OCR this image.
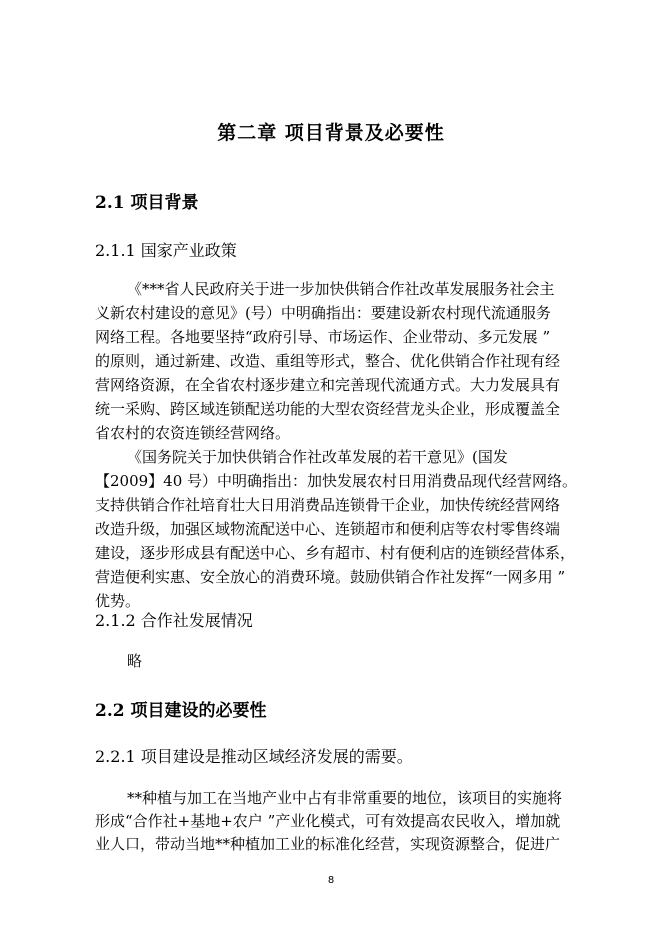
第二章 项目背景及必要性
2.1 项目背景
2.1.1 国家产业政策
《***省人民政府关于进一步加快供销合作社改革发展服务社会主
义新农村建设的意见》(号）中明确指出：要建设新农村现代流通服务
网络工程。各地要坚持“政府引导、市场运作、企业带动、多元发展 ”
的原则，通过新建、改造、重组等形式，整合、优化供销合作社现有经
营网络资源，在全省农村逐步建立和完善现代流通方式。大力发展具有
统一采购、跨区域连锁配送功能的大型农资经营龙头企业，形成覆盖全
省农村的农资连锁经营网络。
《国务院关于加快供销合作社改革发展的若干意见》(国发
【2009】40 号）中明确指出：加快发展农村日用消费品现代经营网络。
支持供销合作社培育壮大日用消费品连锁骨干企业，加快传统经营网络
改造升级，加强区域物流配送中心、连锁超市和便利店等农村零售终端
建设，逐步形成县有配送中心、乡有超市、村有便利店的连锁经营体系，
营造便利实惠、安全放心的消费环境。鼓励供销合作社发挥“一网多用 ”
优势。
2.1.2 合作社发展情况
略
2.2 项目建设的必要性
2.2.1 项目建设是推动区域经济发展的需要。
**种植与加工在当地产业中占有非常重要的地位，该项目的实施将
形成“合作社+基地+农户 ”产业化模式，可有效提高农民收入，增加就
业人口，带动当地**种植加工业的标准化经营，实现资源整合，促进广
8
